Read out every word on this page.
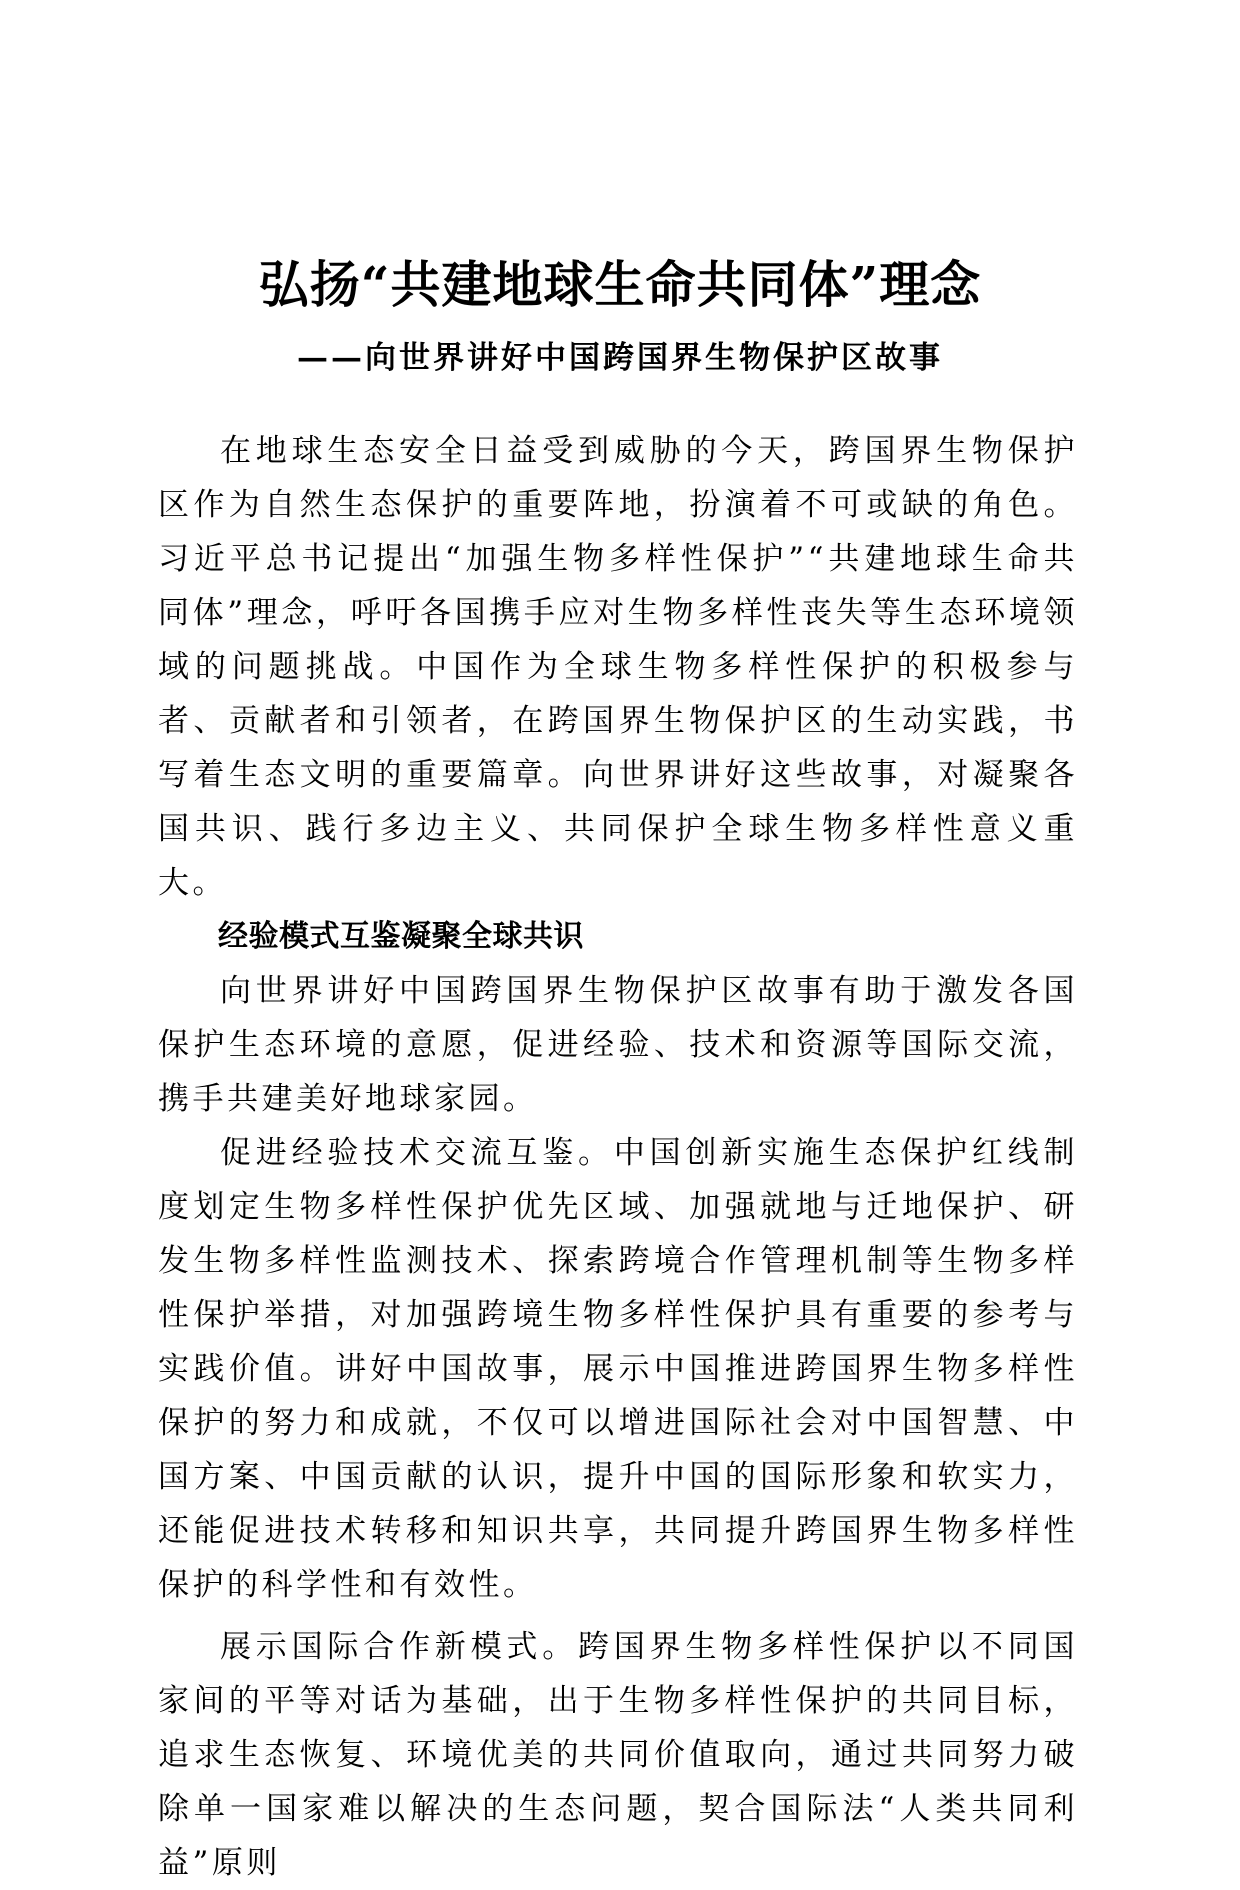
弘扬“共建地球生命共同体”理念
——向世界讲好中国跨国界生物保护区故事

在地球生态安全日益受到威胁的今天，跨国界生物保护区作为自然生态保护的重要阵地，扮演着不可或缺的角色。习近平总书记提出“加强生物多样性保护”“共建地球生命共同体”理念，呼吁各国携手应对生物多样性丧失等生态环境领域的问题挑战。中国作为全球生物多样性保护的积极参与者、贡献者和引领者，在跨国界生物保护区的生动实践，书写着生态文明的重要篇章。向世界讲好这些故事，对凝聚各国共识、践行多边主义、共同保护全球生物多样性意义重大。

经验模式互鉴凝聚全球共识

向世界讲好中国跨国界生物保护区故事有助于激发各国保护生态环境的意愿，促进经验、技术和资源等国际交流，携手共建美好地球家园。

促进经验技术交流互鉴。中国创新实施生态保护红线制度划定生物多样性保护优先区域、加强就地与迁地保护、研发生物多样性监测技术、探索跨境合作管理机制等生物多样性保护举措，对加强跨境生物多样性保护具有重要的参考与实践价值。讲好中国故事，展示中国推进跨国界生物多样性保护的努力和成就，不仅可以增进国际社会对中国智慧、中国方案、中国贡献的认识，提升中国的国际形象和软实力，还能促进技术转移和知识共享，共同提升跨国界生物多样性保护的科学性和有效性。

展示国际合作新模式。跨国界生物多样性保护以不同国家间的平等对话为基础，出于生物多样性保护的共同目标，追求生态恢复、环境优美的共同价值取向，通过共同努力破除单一国家难以解决的生态问题，契合国际法“人类共同利益”原则
